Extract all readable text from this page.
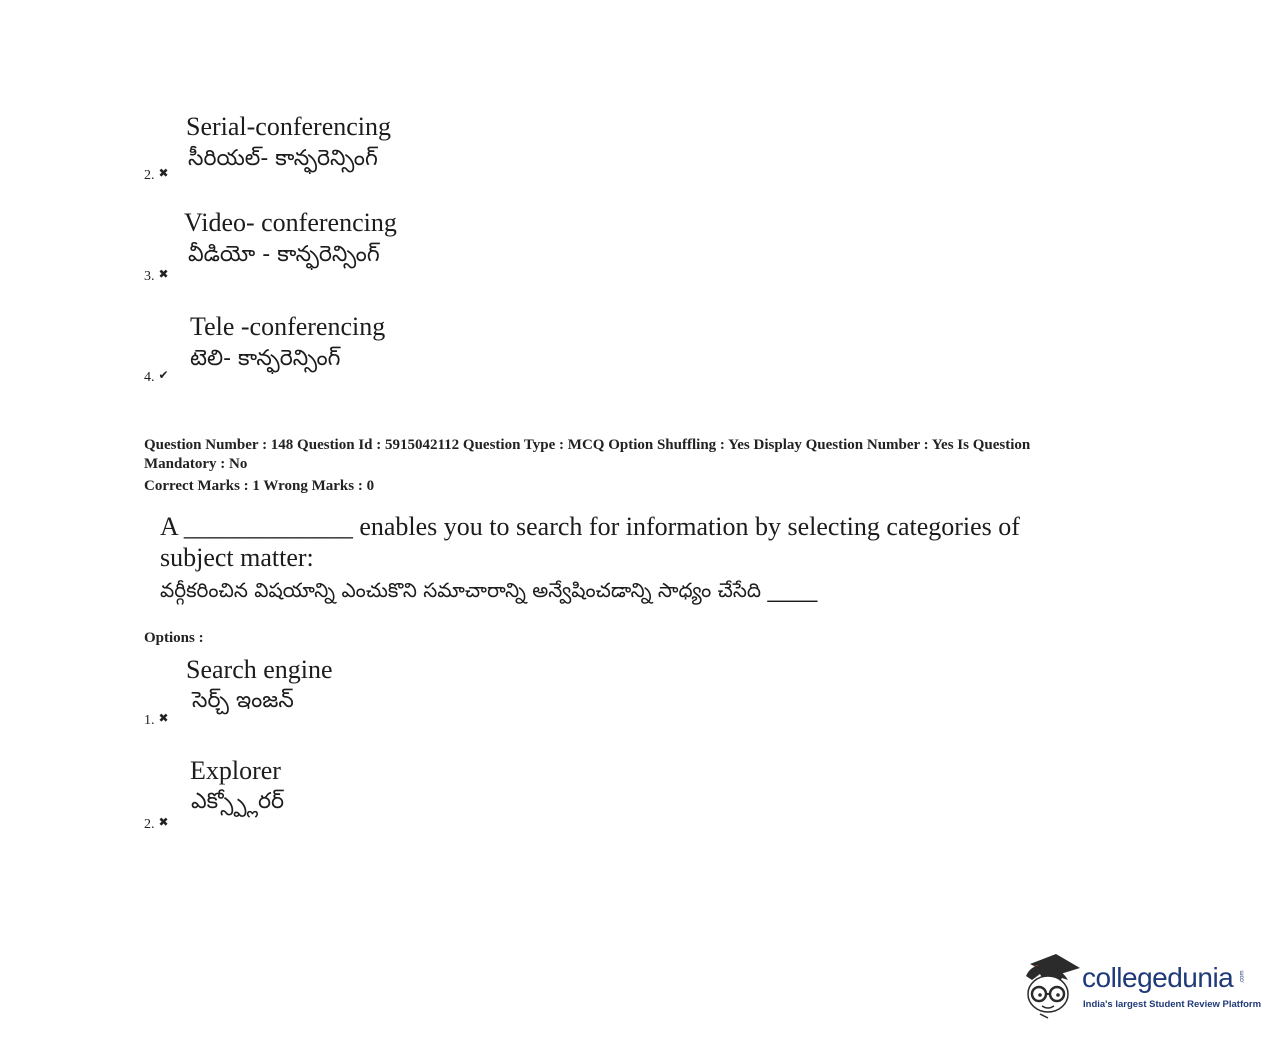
Serial-conferencing
సీరియల్- కాన్ఫరెన్సింగ్
2. ✖
Video- conferencing
వీడియో - కాన్ఫరెన్సింగ్
3. ✖
Tele -conferencing
టెలి- కాన్ఫరెన్సింగ్
4. ✔
Question Number : 148 Question Id : 5915042112 Question Type : MCQ Option Shuffling : Yes Display Question Number : Yes Is Question
Mandatory : No
Correct Marks : 1 Wrong Marks : 0
A _____________ enables you to search for information by selecting categories of
subject matter:
వర్గీకరించిన విషయాన్ని ఎంచుకొని సమాచారాన్ని అన్వేషించడాన్ని సాధ్యం చేసేది _____
Options :
Search engine
సెర్చ్ ఇంజన్
1. ✖
Explorer
ఎక్స్ప్లోరర్
2. ✖
collegedunia .com
India's largest Student Review Platform
